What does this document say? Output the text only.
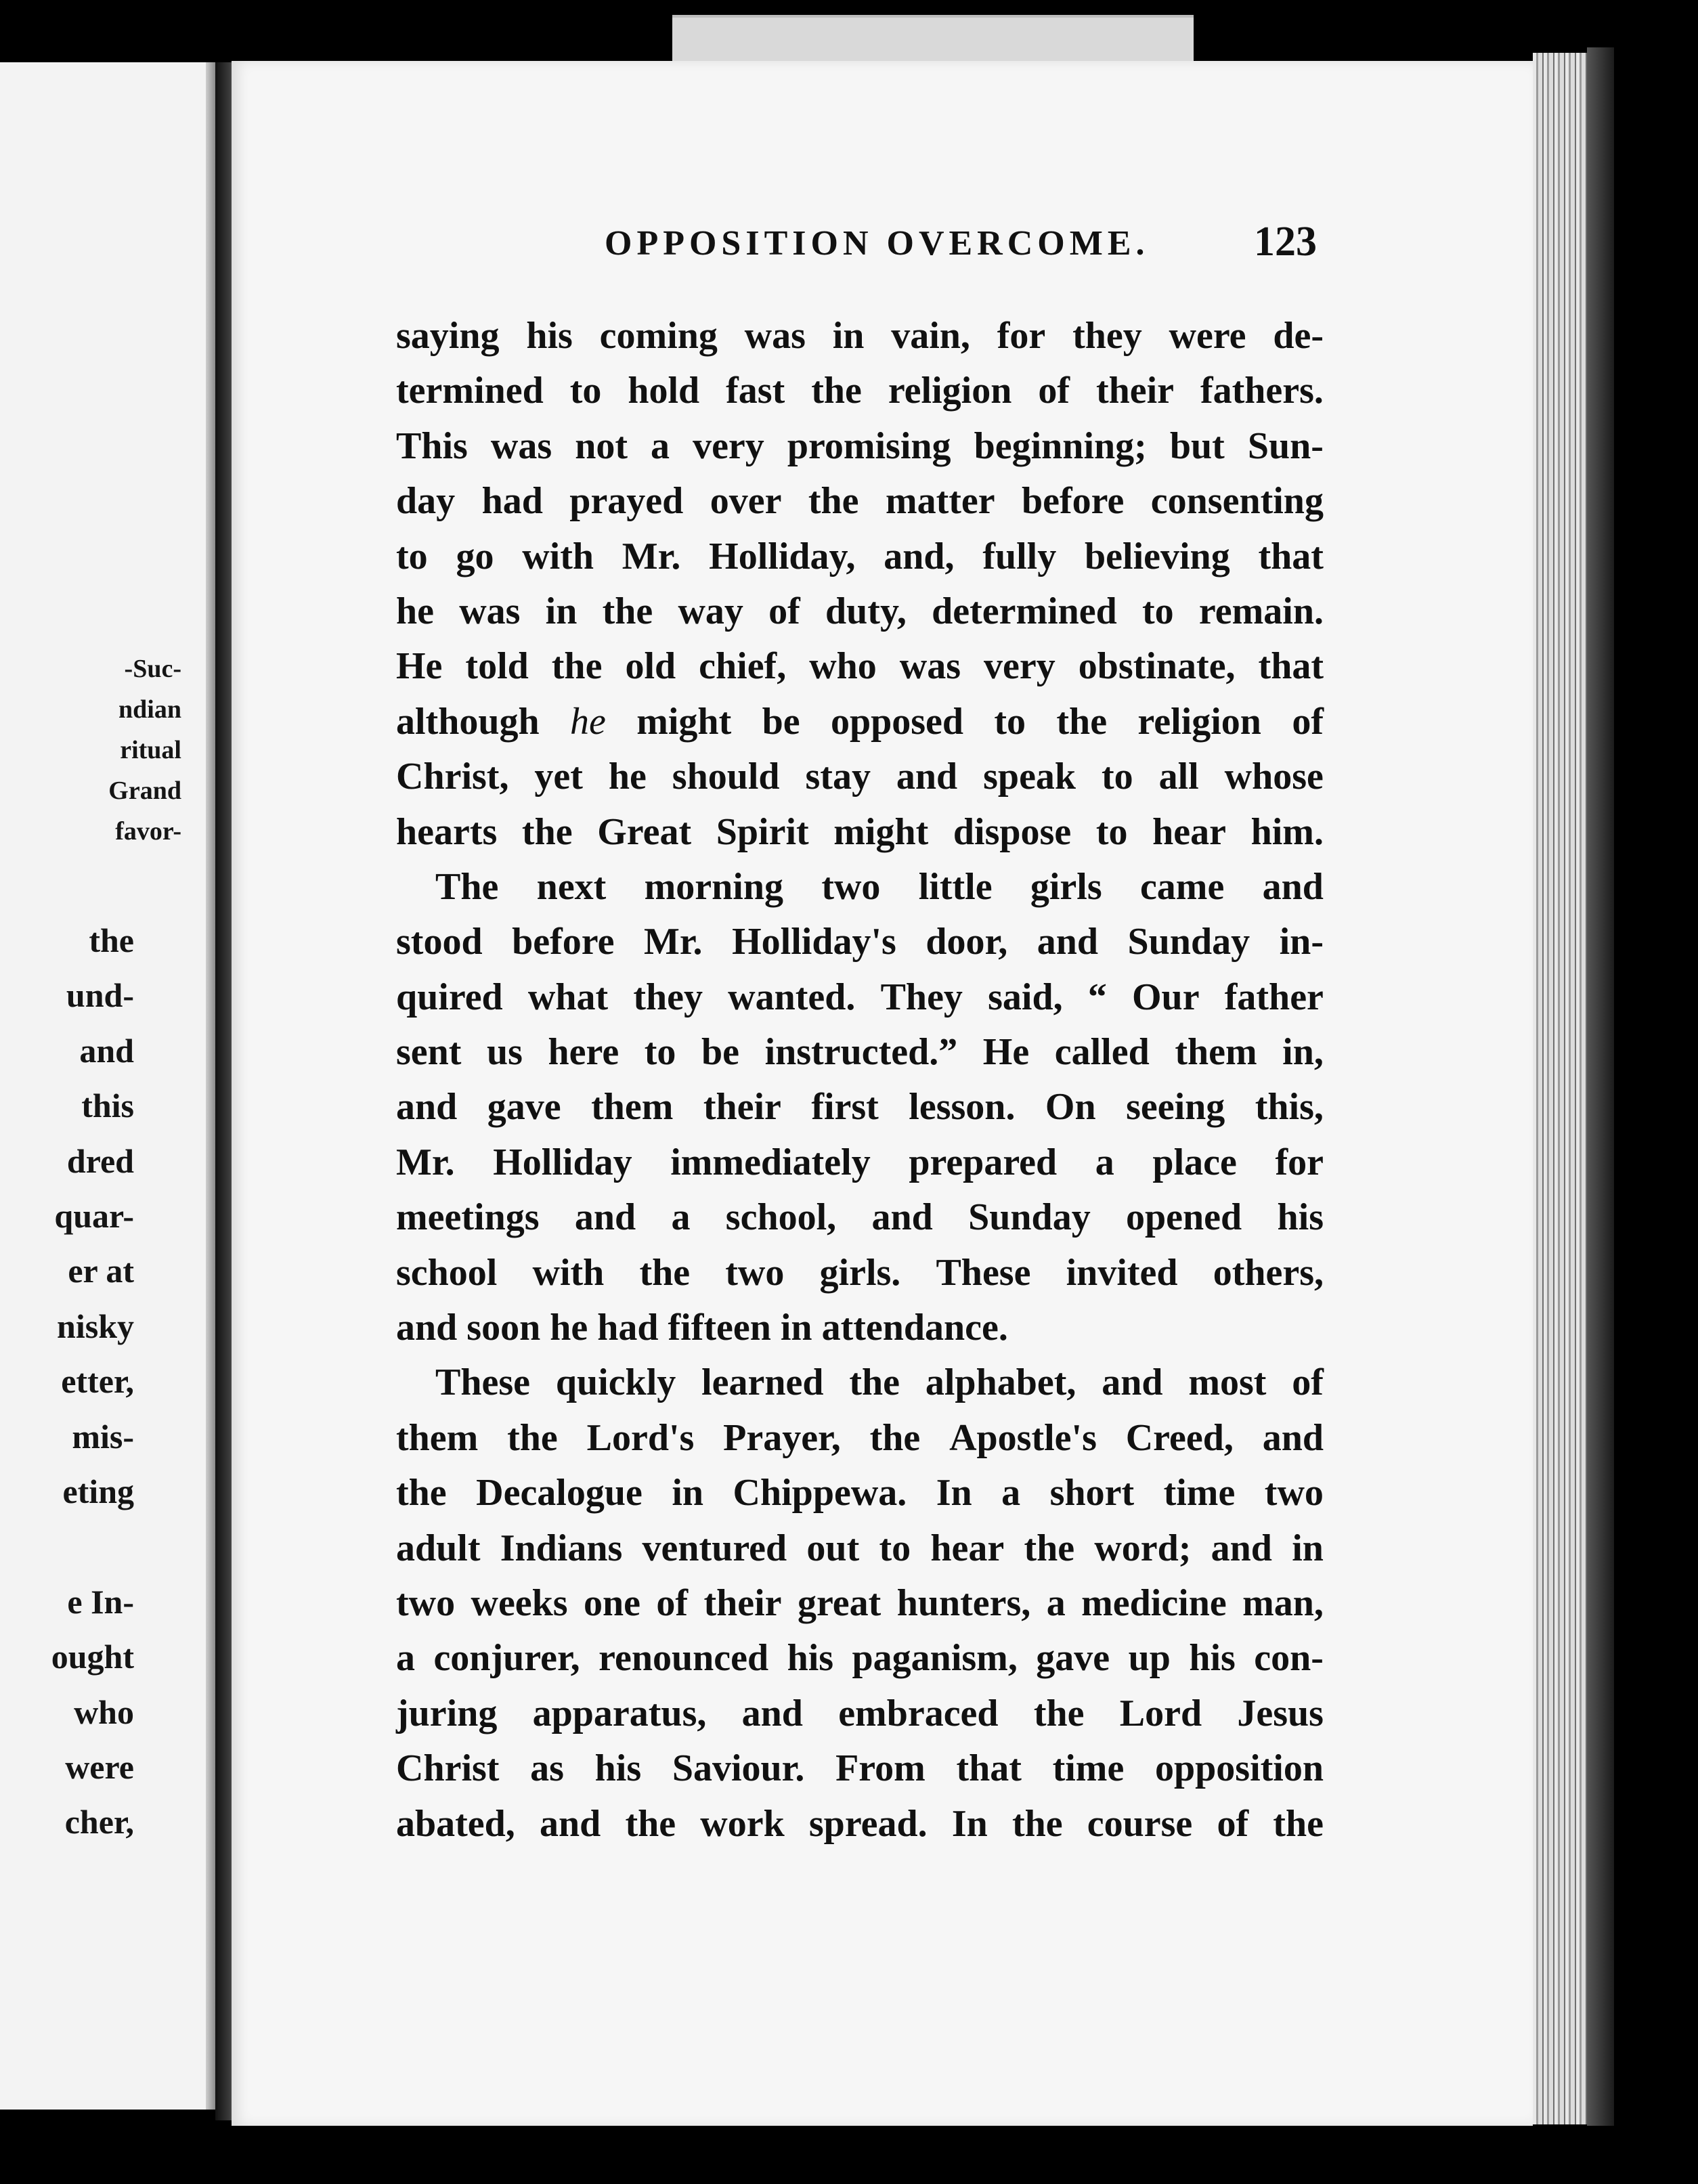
-Suc-
ndian
ritual
Grand
favor-
the
und-
and
this
dred
quar-
er at
nisky
etter,
mis-
eting
e In-
ought
who
were
cher,
OPPOSITION OVERCOME. 123
saying his coming was in vain, for they were de-
termined to hold fast the religion of their fathers.
This was not a very promising beginning; but Sun-
day had prayed over the matter before consenting
to go with Mr. Holliday, and, fully believing that
he was in the way of duty, determined to remain.
He told the old chief, who was very obstinate, that
although he might be opposed to the religion of
Christ, yet he should stay and speak to all whose
hearts the Great Spirit might dispose to hear him.
The next morning two little girls came and
stood before Mr. Holliday's door, and Sunday in-
quired what they wanted. They said, “ Our father
sent us here to be instructed.” He called them in,
and gave them their first lesson. On seeing this,
Mr. Holliday immediately prepared a place for
meetings and a school, and Sunday opened his
school with the two girls. These invited others,
and soon he had fifteen in attendance.
These quickly learned the alphabet, and most of
them the Lord's Prayer, the Apostle's Creed, and
the Decalogue in Chippewa. In a short time two
adult Indians ventured out to hear the word; and in
two weeks one of their great hunters, a medicine man,
a conjurer, renounced his paganism, gave up his con-
juring apparatus, and embraced the Lord Jesus
Christ as his Saviour. From that time opposition
abated, and the work spread. In the course of the
